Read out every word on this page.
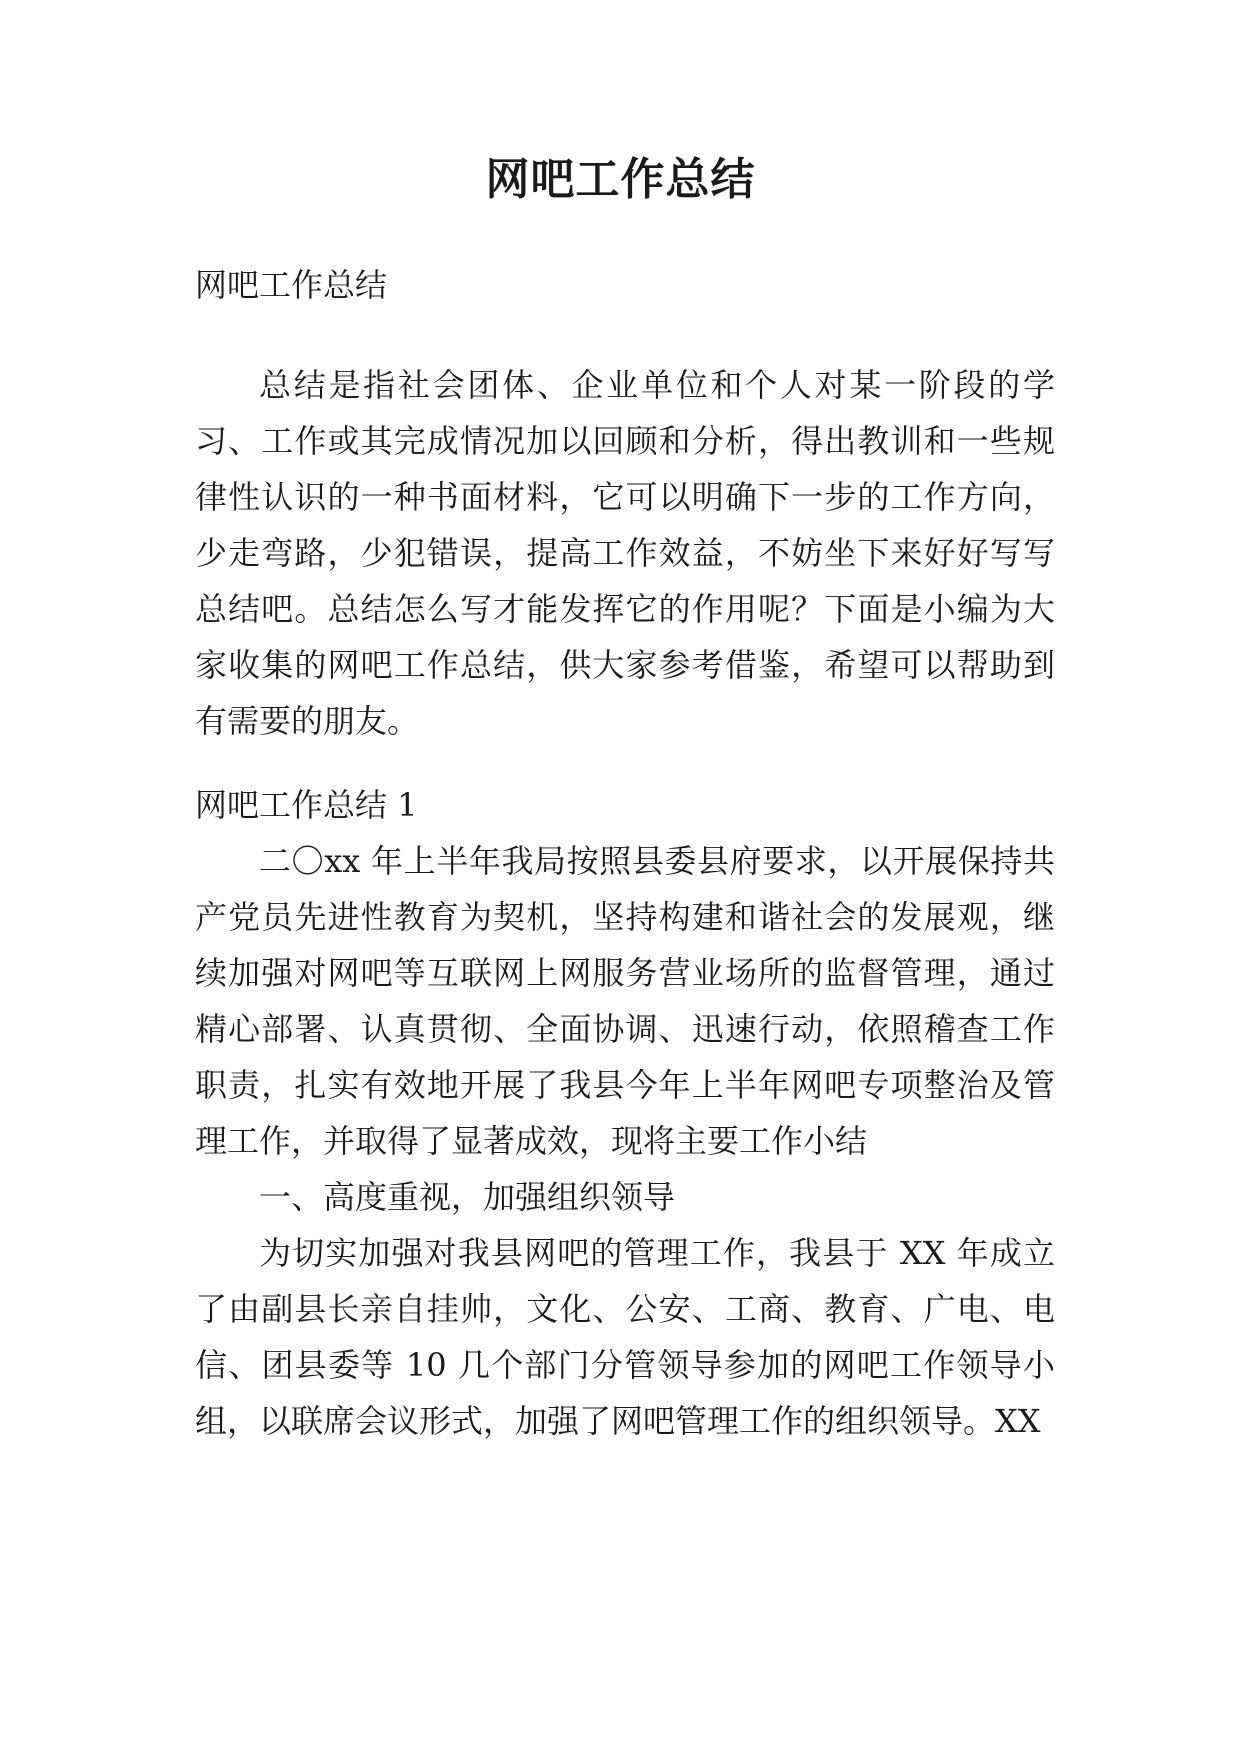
网吧工作总结

网吧工作总结

总结是指社会团体、企业单位和个人对某一阶段的学习、工作或其完成情况加以回顾和分析，得出教训和一些规律性认识的一种书面材料，它可以明确下一步的工作方向，少走弯路，少犯错误，提高工作效益，不妨坐下来好好写写总结吧。总结怎么写才能发挥它的作用呢？下面是小编为大家收集的网吧工作总结，供大家参考借鉴，希望可以帮助到有需要的朋友。

网吧工作总结 1

二〇xx 年上半年我局按照县委县府要求，以开展保持共产党员先进性教育为契机，坚持构建和谐社会的发展观，继续加强对网吧等互联网上网服务营业场所的监督管理，通过精心部署、认真贯彻、全面协调、迅速行动，依照稽查工作职责，扎实有效地开展了我县今年上半年网吧专项整治及管理工作，并取得了显著成效，现将主要工作小结

一、高度重视，加强组织领导

为切实加强对我县网吧的管理工作，我县于 XX 年成立了由副县长亲自挂帅，文化、公安、工商、教育、广电、电信、团县委等 10 几个部门分管领导参加的网吧工作领导小组，以联席会议形式，加强了网吧管理工作的组织领导。XX
